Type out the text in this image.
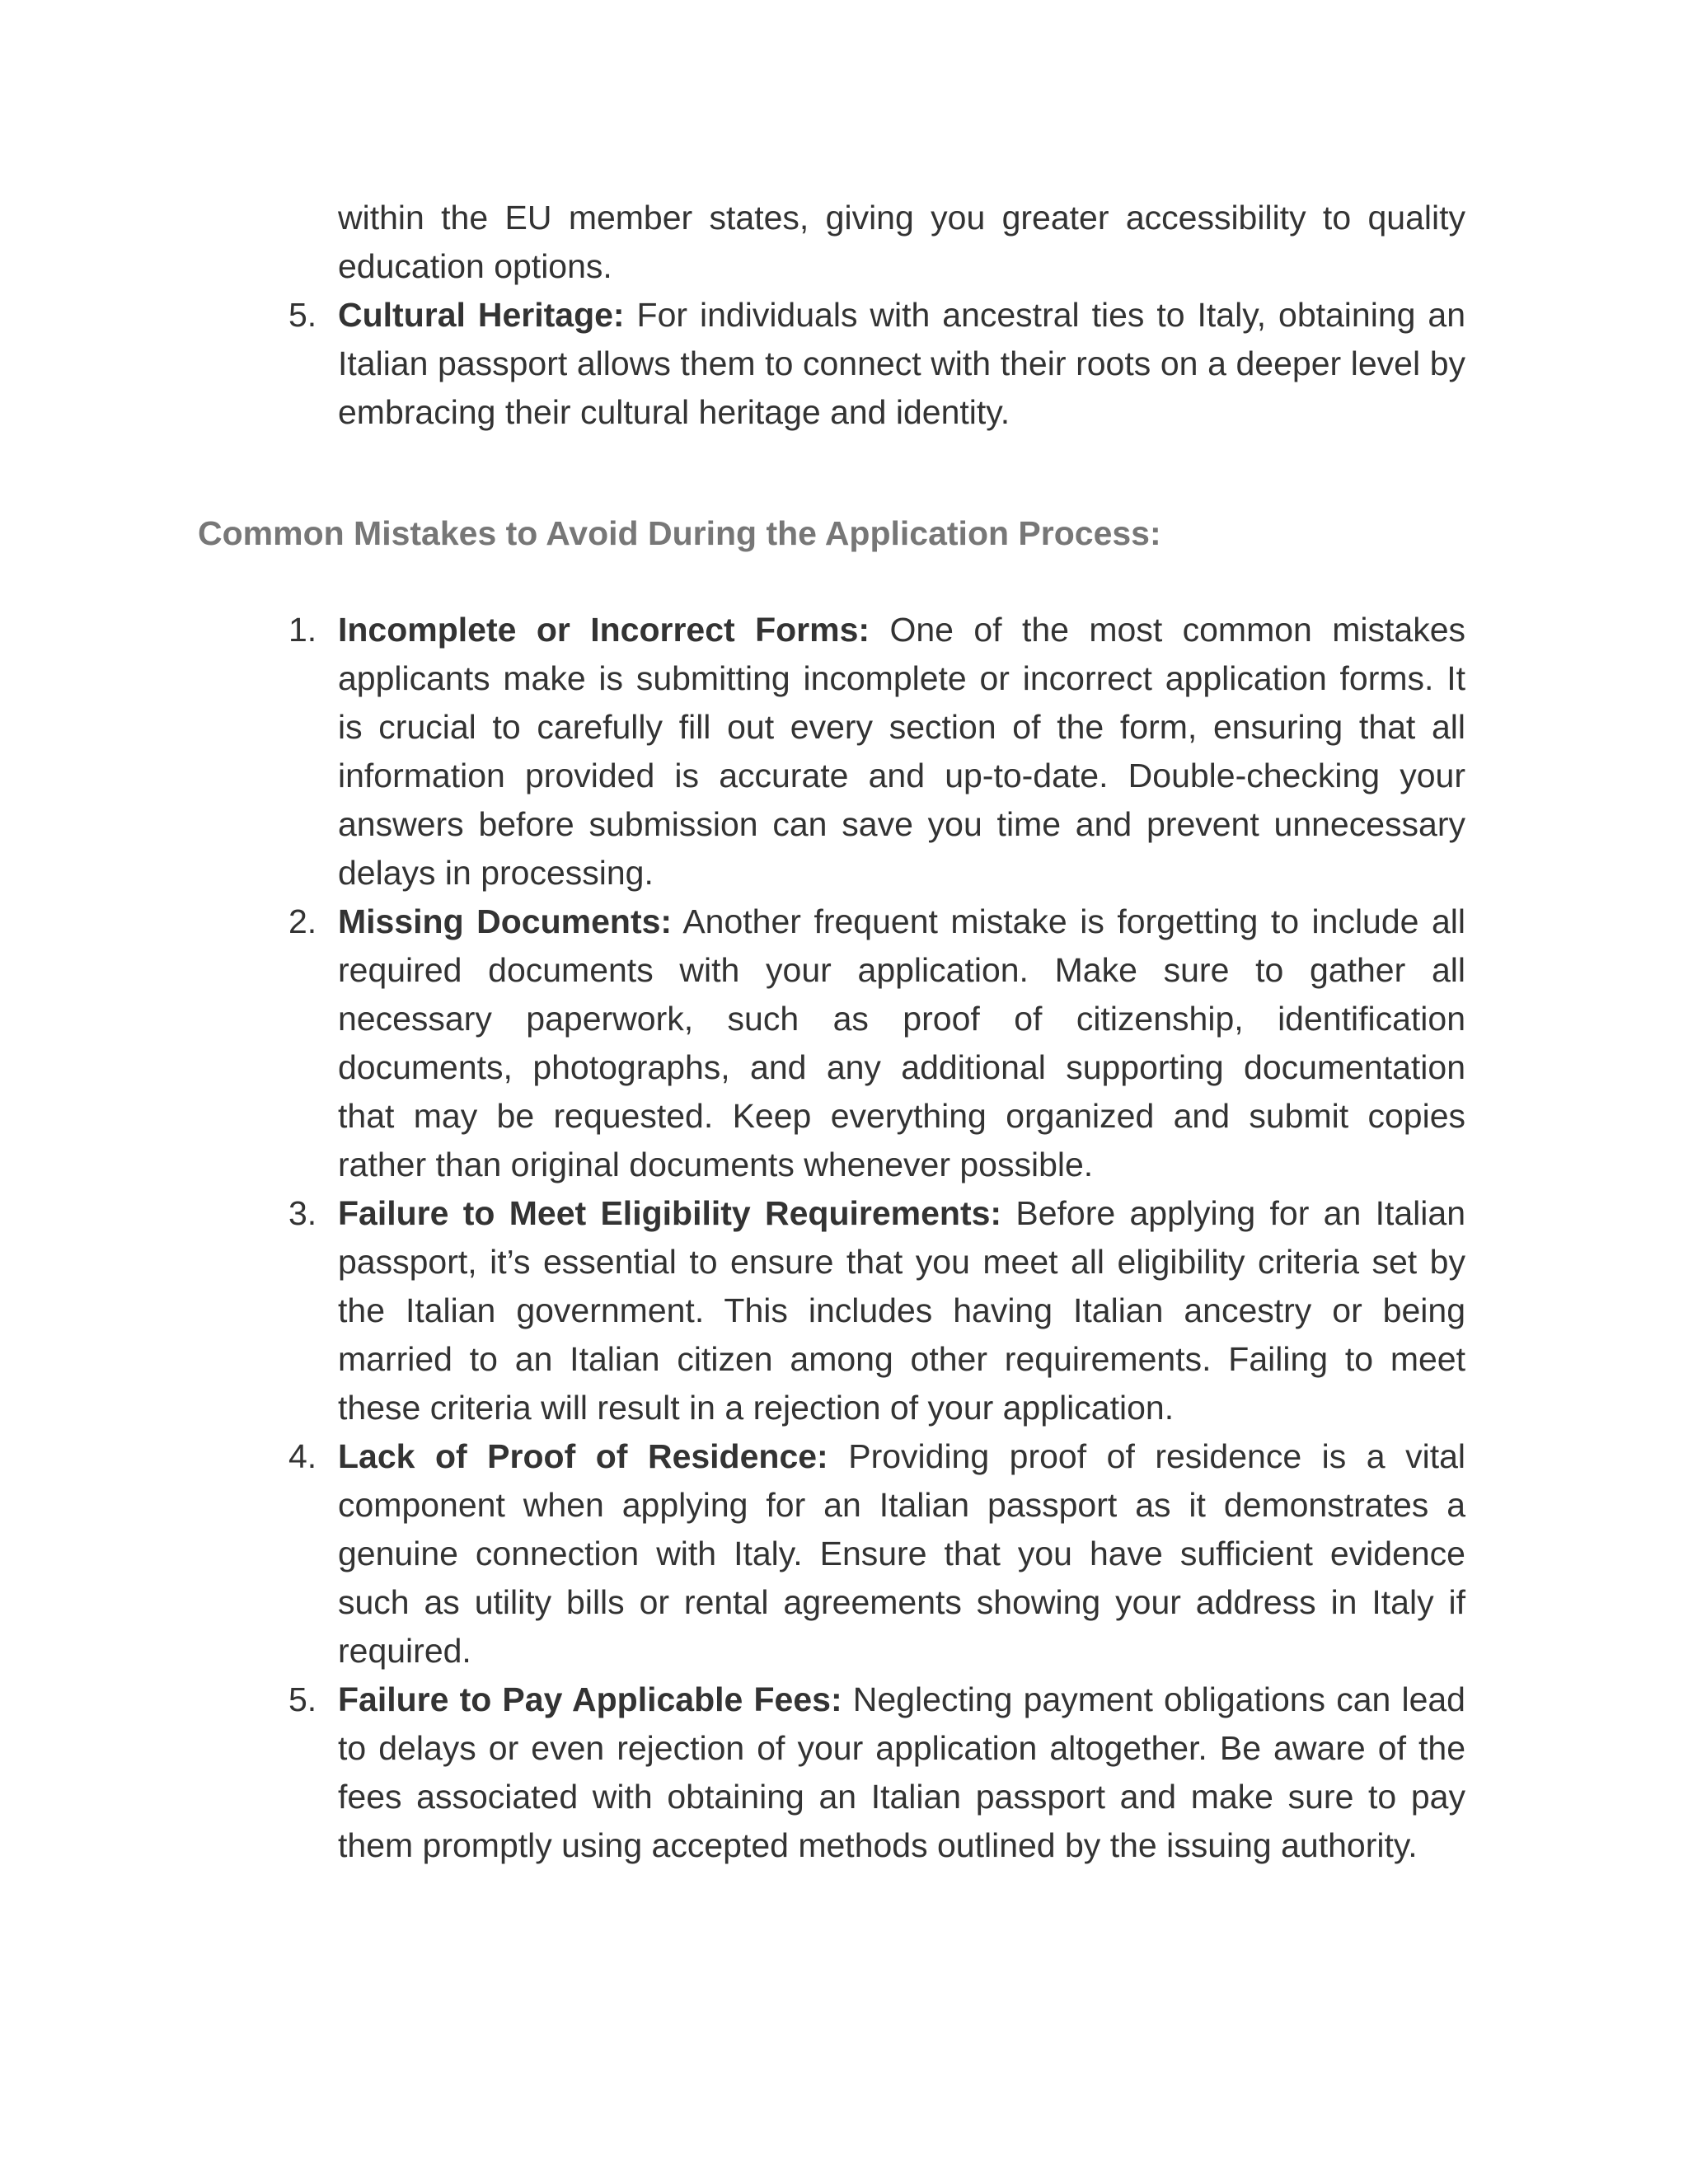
within the EU member states, giving you greater accessibility to quality education options.
5. Cultural Heritage: For individuals with ancestral ties to Italy, obtaining an Italian passport allows them to connect with their roots on a deeper level by embracing their cultural heritage and identity.
Common Mistakes to Avoid During the Application Process:
1. Incomplete or Incorrect Forms: One of the most common mistakes applicants make is submitting incomplete or incorrect application forms. It is crucial to carefully fill out every section of the form, ensuring that all information provided is accurate and up-to-date. Double-checking your answers before submission can save you time and prevent unnecessary delays in processing.
2. Missing Documents: Another frequent mistake is forgetting to include all required documents with your application. Make sure to gather all necessary paperwork, such as proof of citizenship, identification documents, photographs, and any additional supporting documentation that may be requested. Keep everything organized and submit copies rather than original documents whenever possible.
3. Failure to Meet Eligibility Requirements: Before applying for an Italian passport, it’s essential to ensure that you meet all eligibility criteria set by the Italian government. This includes having Italian ancestry or being married to an Italian citizen among other requirements. Failing to meet these criteria will result in a rejection of your application.
4. Lack of Proof of Residence: Providing proof of residence is a vital component when applying for an Italian passport as it demonstrates a genuine connection with Italy. Ensure that you have sufficient evidence such as utility bills or rental agreements showing your address in Italy if required.
5. Failure to Pay Applicable Fees: Neglecting payment obligations can lead to delays or even rejection of your application altogether. Be aware of the fees associated with obtaining an Italian passport and make sure to pay them promptly using accepted methods outlined by the issuing authority.
